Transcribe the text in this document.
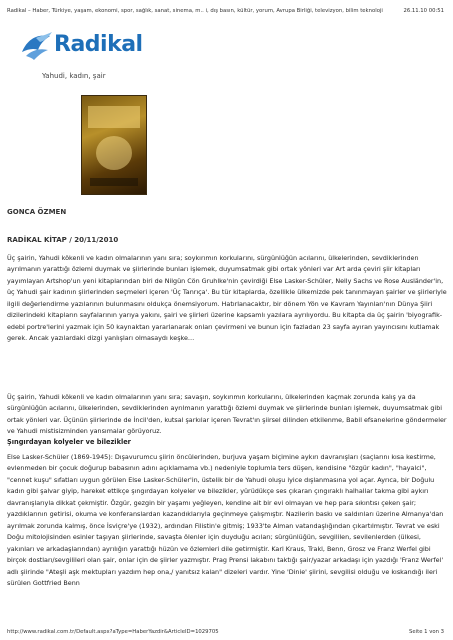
Radikal – Haber, Türkiye, yaşam, ekonomi, spor, sağlık, sanat, sinema, m.. i, dış basın, kültür, yorum, Avrupa Birliği, televizyon, bilim teknoloji	26.11.10 00:51
Radikal
Yahudi, kadın, şair
GONCA ÖZMEN
RADİKAL KİTAP / 20/11/2010

Üç şairin, Yahudi kökenli ve kadın olmalarının yanı sıra; soykırımın korkularını, sürgünlüğün acılarını, ülkelerinden, sevdiklerinden ayrılmanın yarattığı özlemi duymak ve şiirlerinde bunları işlemek, duyumsatmak gibi ortak yönleri var Art arda çeviri şiir kitapları yayımlayan Artshop'un yeni kitaplarından biri de Nilgün Cön Gruhlke'nin çevirdiği Else Lasker-Schüler, Nelly Sachs ve Rose Ausländer'in, üç Yahudi şair kadının şiirlerinden seçmeleri içeren 'Üç Tanrıça'. Bu tür kitaplarda, özellikle ülkemizde pek tanınmayan şairler ve şiirleriyle ilgili değerlendirme yazılarının bulunmasını oldukça önemsiyorum. Hatırlanacaktır, bir dönem Yön ve Kavram Yayınları'nın Dünya Şiiri dizilerindeki kitapların sayfalarının yarıya yakını, şairi ve şiirleri üzerine kapsamlı yazılara ayrılıyordu. Bu kitapta da üç şairin 'biyografik-edebi portre'lerini yazmak için 50 kaynaktan yararlanarak onları çevirmeni ve bunun için fazladan 23 sayfa ayıran yayıncısını kutlamak gerek. Ancak yazılardaki dizgi yanlışları olmasaydı keşke…

Üç şairin, Yahudi kökenli ve kadın olmalarının yanı sıra; savaşın, soykırımın korkularını, ülkelerinden kaçmak zorunda kalış ya da sürgünlüğün acılarını, ülkelerinden, sevdiklerinden ayrılmanın yarattığı özlemi duymak ve şiirlerinde bunları işlemek, duyumsatmak gibi ortak yönleri var. Üçünün şiirlerinde de İncil'den, kutsal şarkılar içeren Tevrat'ın şiirsel dilinden etkilenme, Babil efsanelerine göndermeler ve Yahudi mistisizminden yansımalar görüyoruz.

Şıngırdayan kolyeler ve bilezikler

Else Lasker-Schüler (1869-1945): Dışavurumcu şiirin öncülerinden, burjuva yaşam biçimine aykırı davranışları (saçlarını kısa kestirme, evlenmeden bir çocuk doğurup babasının adını açıklamama vb.) nedeniyle toplumla ters düşen, kendisine "özgür kadın", "hayalci", "cennet kuşu" sıfatları uygun görülen Else Lasker-Schüler'in, üstelik bir de Yahudi oluşu iyice dışlanmasına yol açar. Ayrıca, bir Doğulu kadın gibi şalvar giyip, hareket ettikçe şıngırdayan kolyeler ve bilezikler, yürüdükçe ses çıkaran çıngıraklı halhallar takma gibi aykırı davranışlarıyla dikkat çekmiştir. Özgür, gezgin bir yaşamı yeğleyen, kendine ait bir evi olmayan ve hep para sıkıntısı çeken şair; yazdıklarının getirisi, okuma ve konferanslardan kazandıklarıyla geçinmeye çalışmıştır. Nazilerin baskı ve saldırıları üzerine Almanya'dan ayrılmak zorunda kalmış, önce İsviçre'ye (1932), ardından Filistin'e gitmiş; 1933'te Alman vatandaşlığından çıkartılmıştır. Tevrat ve eski Doğu mitolojisinden esinler taşıyan şiirlerinde, savaşta ölenler için duyduğu acıları; sürgünlüğün, sevgililen, sevilenlerden (ülkesi, yakınları ve arkadaşlarından) ayrılığın yarattığı hüzün ve özlemleri dile getirmiştir. Karl Kraus, Trakl, Benn, Grosz ve Franz Werfel gibi birçok dostları/sevgilileri olan şair, onlar için de şiirler yazmıştır. Prag Prensi lakabını taktığı şair/yazar arkadaşı için yazdığı 'Franz Werfel' adlı şiirinde "Ateşli aşk mektupları yazdım hep ona,/ yanıtsız kalan" dizeleri vardır. Yine 'Dinie' şiirini, sevgilisi olduğu ve kıskandığı ileri sürülen Gottfried Benn

http://www.radikal.com.tr/Default.aspx?aType=HaberYazdir&ArticleID=1029705	Seite 1 von 3
